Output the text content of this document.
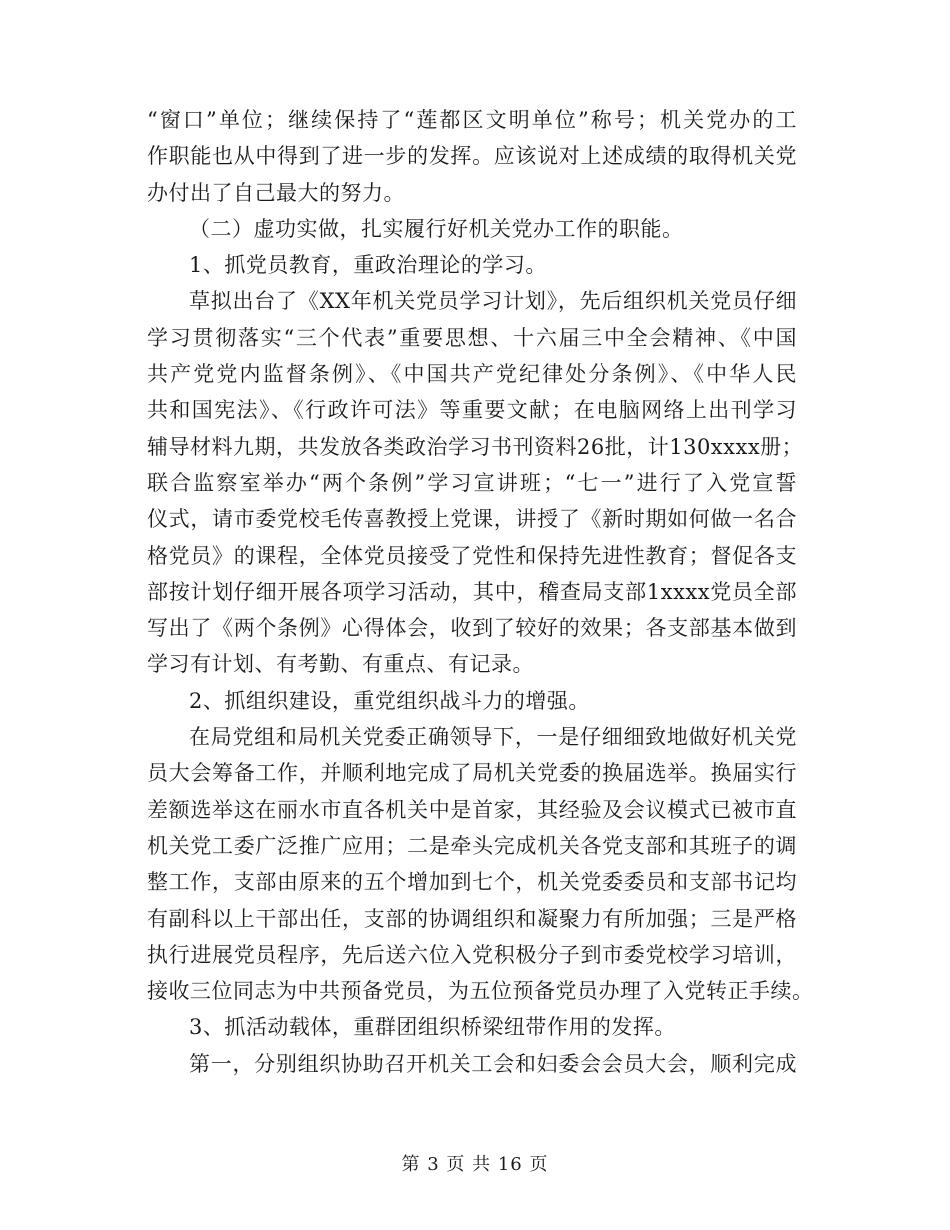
“窗口”单位；继续保持了“莲都区文明单位”称号；机关党办的工
作职能也从中得到了进一步的发挥。应该说对上述成绩的取得机关党
办付出了自己最大的努力。
（二）虚功实做，扎实履行好机关党办工作的职能。
1、抓党员教育，重政治理论的学习。
草拟出台了《XX年机关党员学习计划》，先后组织机关党员仔细
学习贯彻落实“三个代表”重要思想、十六届三中全会精神、《中国
共产党党内监督条例》、《中国共产党纪律处分条例》、《中华人民
共和国宪法》、《行政许可法》等重要文献；在电脑网络上出刊学习
辅导材料九期，共发放各类政治学习书刊资料26批，计130xxxx册；
联合监察室举办“两个条例”学习宣讲班；“七一”进行了入党宣誓
仪式，请市委党校毛传喜教授上党课，讲授了《新时期如何做一名合
格党员》的课程，全体党员接受了党性和保持先进性教育；督促各支
部按计划仔细开展各项学习活动，其中，稽查局支部1xxxx党员全部
写出了《两个条例》心得体会，收到了较好的效果；各支部基本做到
学习有计划、有考勤、有重点、有记录。
2、抓组织建设，重党组织战斗力的增强。
在局党组和局机关党委正确领导下，一是仔细细致地做好机关党
员大会筹备工作，并顺利地完成了局机关党委的换届选举。换届实行
差额选举这在丽水市直各机关中是首家，其经验及会议模式已被市直
机关党工委广泛推广应用；二是牵头完成机关各党支部和其班子的调
整工作，支部由原来的五个增加到七个，机关党委委员和支部书记均
有副科以上干部出任，支部的协调组织和凝聚力有所加强；三是严格
执行进展党员程序，先后送六位入党积极分子到市委党校学习培训，
接收三位同志为中共预备党员，为五位预备党员办理了入党转正手续。
3、抓活动载体，重群团组织桥梁纽带作用的发挥。
第一，分别组织协助召开机关工会和妇委会会员大会，顺利完成
第 3 页 共 16 页
